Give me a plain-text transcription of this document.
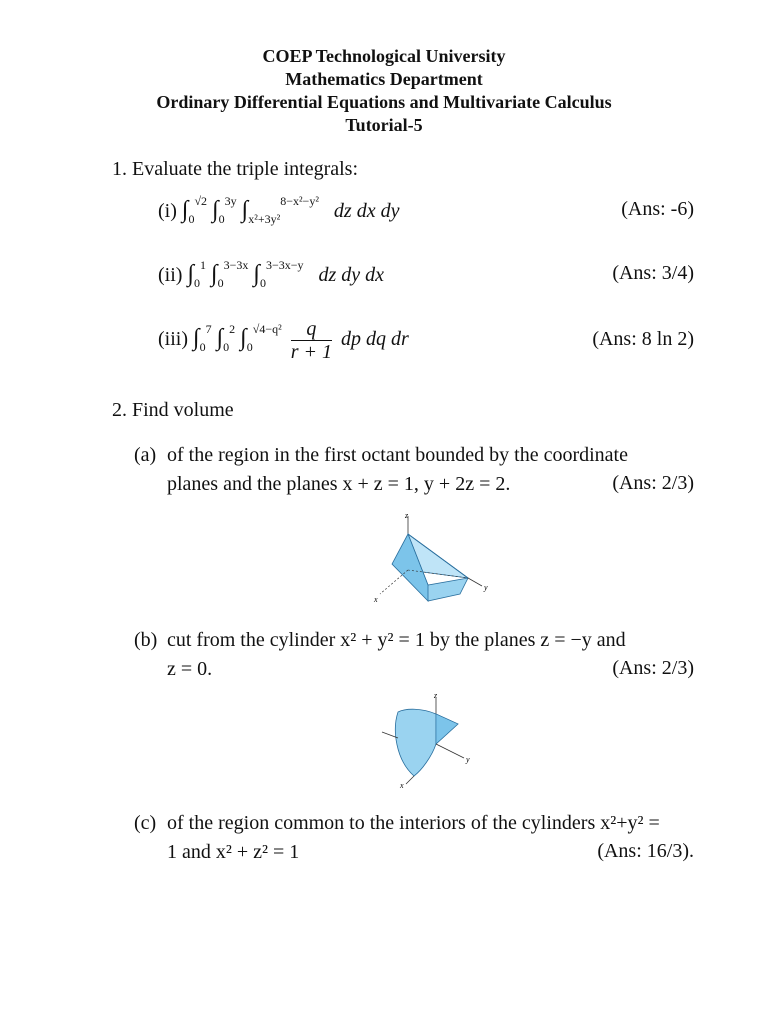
COEP Technological University
Mathematics Department
Ordinary Differential Equations and Multivariate Calculus
Tutorial-5
1. Evaluate the triple integrals:
(i) $\int_0^{√2}$ $\int_0^{3y}$ $\int_{x^2+3y^2}^{8-x^2-y^2}$ dz dx dy	(Ans: -6)
(ii) $\int_0^1$ $\int_0^{3-3x}$ $\int_0^{3-3x-y}$ dz dy dx	(Ans: 3/4)
(iii) $\int_0^7$ $\int_0^2$ $\int_0^{√4-q^2} \frac{q}{r + 1}$ dp dq dr	(Ans: 8 ln 2)
2. Find volume
(a) of the region in the first octant bounded by the coordinate
planes and the planes x + z = 1, y + 2z = 2.	(Ans: 2/3)
z
y
x
(b) cut from the cylinder x² + y² = 1 by the planes z = −y and
z = 0.	(Ans: 2/3)
z
y
x
(c) of the region common to the interiors of the cylinders x²+y² =
1 and x² + z² = 1	(Ans: 16/3).
